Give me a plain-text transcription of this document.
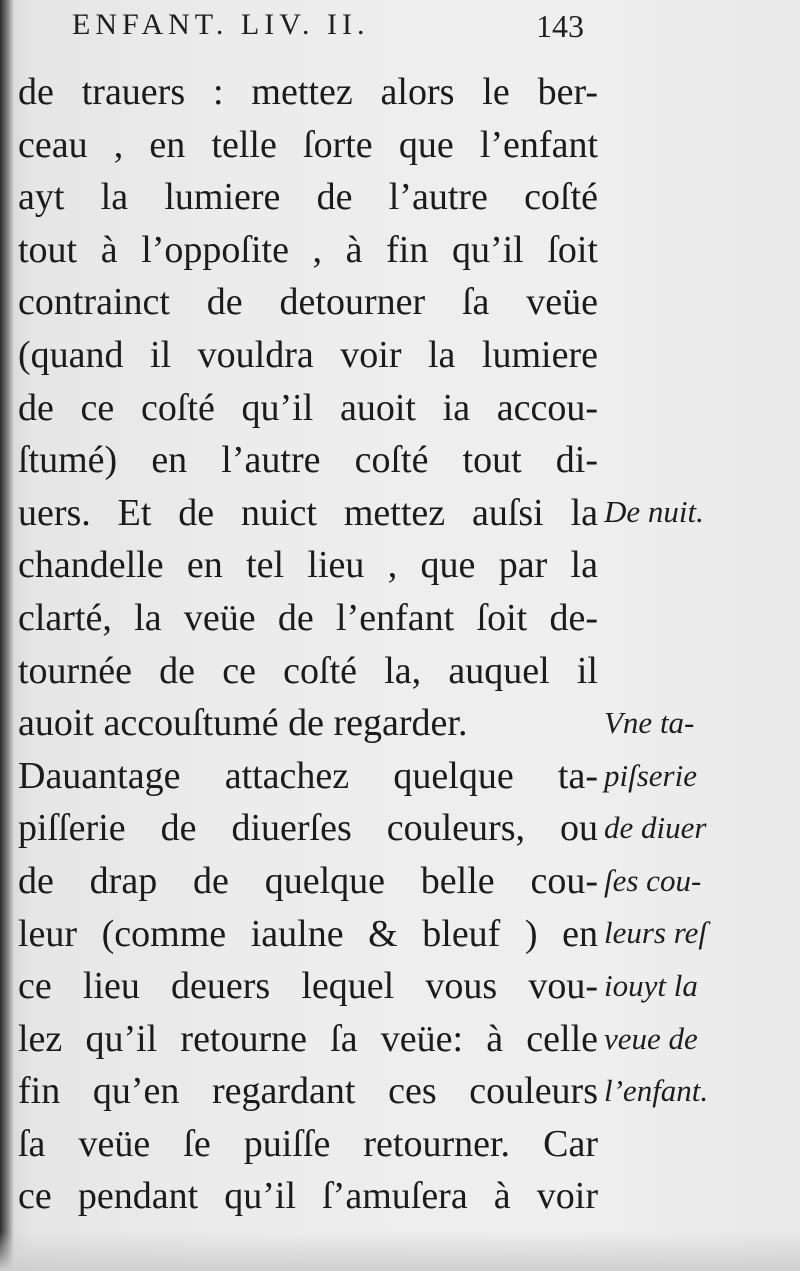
ENFANT. LIV. II.	143
de trauers : mettez alors le ber-
ceau , en telle ſorte que l’enfant
ayt la lumiere de l’autre coſté
tout à l’oppoſite , à fin qu’il ſoit
contrainct de detourner ſa veüe
(quand il vouldra voir la lumiere
de ce coſté qu’il auoit ia accou-
ſtumé) en l’autre coſté tout di-
uers. Et de nuict mettez auſsi la
chandelle en tel lieu , que par la
clarté, la veüe de l’enfant ſoit de-
tournée de ce coſté la, auquel il
auoit accouſtumé de regarder.
Dauantage attachez quelque ta-
piſſerie de diuerſes couleurs, ou
de drap de quelque belle cou-
leur (comme iaulne & bleuf ) en
ce lieu deuers lequel vous vou-
lez qu’il retourne ſa veüe: à celle
fin qu’en regardant ces couleurs
ſa veüe ſe puiſſe retourner. Car
ce pendant qu’il ſ’amuſera à voir
De nuit.
Vne ta-
piſserie
de diuer
ſes cou-
leurs reſ
iouyt la
veue de
l’enfant.
